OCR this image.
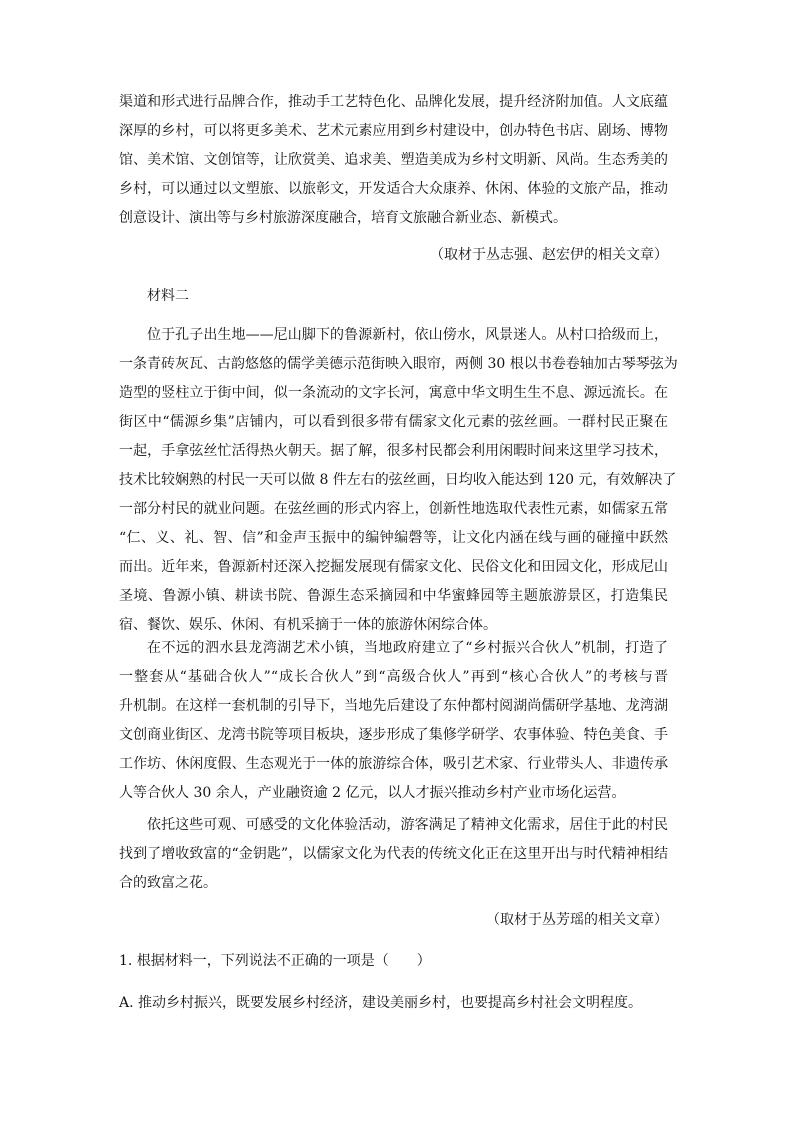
渠道和形式进行品牌合作，推动手工艺特色化、品牌化发展，提升经济附加值。人文底蕴
深厚的乡村，可以将更多美术、艺术元素应用到乡村建设中，创办特色书店、剧场、博物
馆、美术馆、文创馆等，让欣赏美、追求美、塑造美成为乡村文明新、风尚。生态秀美的
乡村，可以通过以文塑旅、以旅彰文，开发适合大众康养、休闲、体验的文旅产品，推动
创意设计、演出等与乡村旅游深度融合，培育文旅融合新业态、新模式。

（取材于丛志强、赵宏伊的相关文章）

材料二

位于孔子出生地——尼山脚下的鲁源新村，依山傍水，风景迷人。从村口拾级而上，
一条青砖灰瓦、古韵悠悠的儒学美德示范街映入眼帘，两侧 30 根以书卷卷轴加古琴琴弦为
造型的竖柱立于街中间，似一条流动的文字长河，寓意中华文明生生不息、源远流长。在
街区中“儒源乡集”店铺内，可以看到很多带有儒家文化元素的弦丝画。一群村民正聚在
一起，手拿弦丝忙活得热火朝天。据了解，很多村民都会利用闲暇时间来这里学习技术，
技术比较娴熟的村民一天可以做 8 件左右的弦丝画，日均收入能达到 120 元，有效解决了
一部分村民的就业问题。在弦丝画的形式内容上，创新性地选取代表性元素，如儒家五常
“仁、义、礼、智、信”和金声玉振中的编钟编磬等，让文化内涵在线与画的碰撞中跃然
而出。近年来，鲁源新村还深入挖掘发展现有儒家文化、民俗文化和田园文化，形成尼山
圣境、鲁源小镇、耕读书院、鲁源生态采摘园和中华蜜蜂园等主题旅游景区，打造集民
宿、餐饮、娱乐、休闲、有机采摘于一体的旅游休闲综合体。
在不远的泗水县龙湾湖艺术小镇，当地政府建立了“乡村振兴合伙人”机制，打造了
一整套从“基础合伙人”“成长合伙人”到“高级合伙人”再到“核心合伙人”的考核与晋
升机制。在这样一套机制的引导下，当地先后建设了东仲都村阅湖尚儒研学基地、龙湾湖
文创商业街区、龙湾书院等项目板块，逐步形成了集修学研学、农事体验、特色美食、手
工作坊、休闲度假、生态观光于一体的旅游综合体，吸引艺术家、行业带头人、非遗传承
人等合伙人 30 余人，产业融资逾 2 亿元，以人才振兴推动乡村产业市场化运营。
依托这些可观、可感受的文化体验活动，游客满足了精神文化需求，居住于此的村民
找到了增收致富的“金钥匙”，以儒家文化为代表的传统文化正在这里开出与时代精神相结
合的致富之花。

（取材于丛芳瑶的相关文章）

1. 根据材料一，下列说法不正确的一项是（　　）

A. 推动乡村振兴，既要发展乡村经济，建设美丽乡村，也要提高乡村社会文明程度。
